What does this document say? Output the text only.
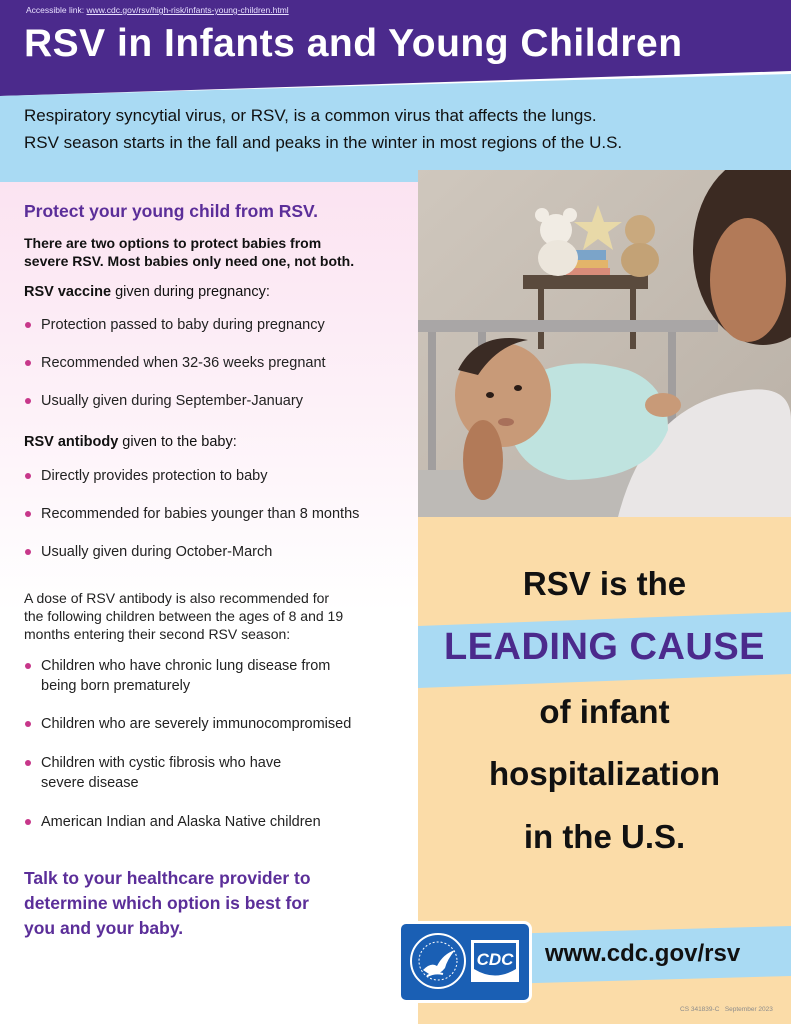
Accessible link: www.cdc.gov/rsv/high-risk/infants-young-children.html
RSV in Infants and Young Children

Respiratory syncytial virus, or RSV, is a common virus that affects the lungs.
RSV season starts in the fall and peaks in the winter in most regions of the U.S.

Protect your young child from RSV.

There are two options to protect babies from
severe RSV. Most babies only need one, not both.

RSV vaccine given during pregnancy:

Protection passed to baby during pregnancy

Recommended when 32-36 weeks pregnant

Usually given during September-January

RSV antibody given to the baby:

Directly provides protection to baby

Recommended for babies younger than 8 months

Usually given during October-March

A dose of RSV antibody is also recommended for
the following children between the ages of 8 and 19
months entering their second RSV season:

Children who have chronic lung disease from
being born prematurely

Children who are severely immunocompromised

Children with cystic fibrosis who have
severe disease

American Indian and Alaska Native children

Talk to your healthcare provider to
determine which option is best for
you and your baby.

RSV is the

LEADING CAUSE

of infant

hospitalization

in the U.S.

www.cdc.gov/rsv
CDC

CS 341839-C September 2023
